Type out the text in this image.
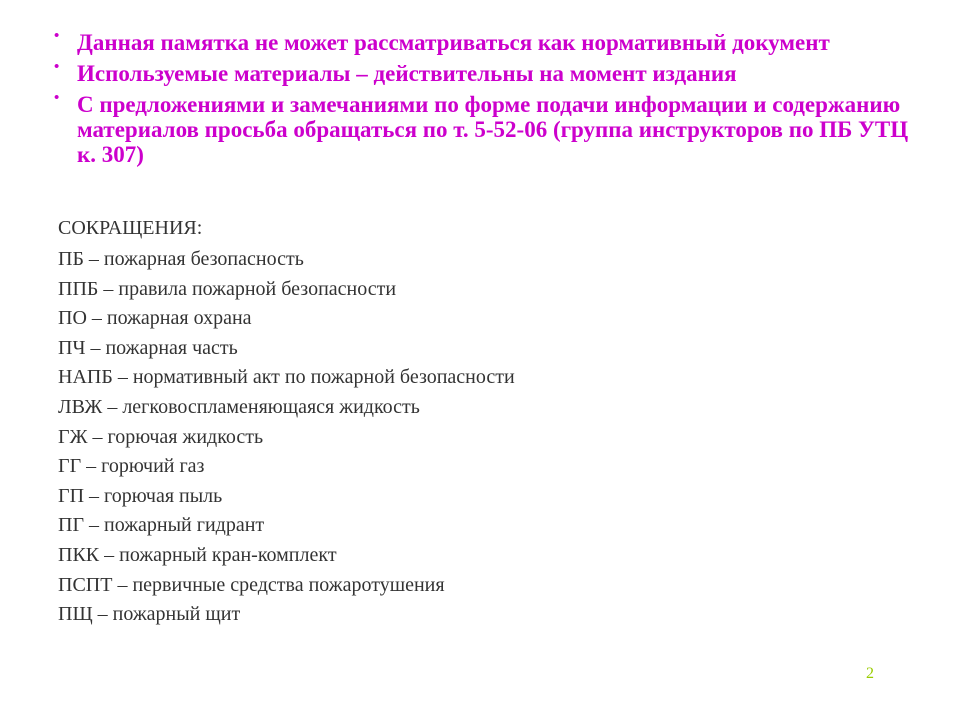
• Данная памятка не может рассматриваться как нормативный документ
• Используемые материалы – действительны на момент издания
• С предложениями и замечаниями по форме подачи информации и содержанию материалов просьба обращаться по т. 5-52-06 (группа инструкторов по ПБ УТЦ к. 307)
СОКРАЩЕНИЯ:
ПБ – пожарная безопасность
ППБ – правила пожарной безопасности
ПО – пожарная охрана
ПЧ – пожарная часть
НАПБ – нормативный акт по пожарной безопасности
ЛВЖ – легковоспламеняющаяся жидкость
ГЖ – горючая жидкость
ГГ – горючий газ
ГП – горючая пыль
ПГ – пожарный гидрант
ПКК – пожарный кран-комплект
ПСПТ – первичные средства пожаротушения
ПЩ – пожарный щит
2
